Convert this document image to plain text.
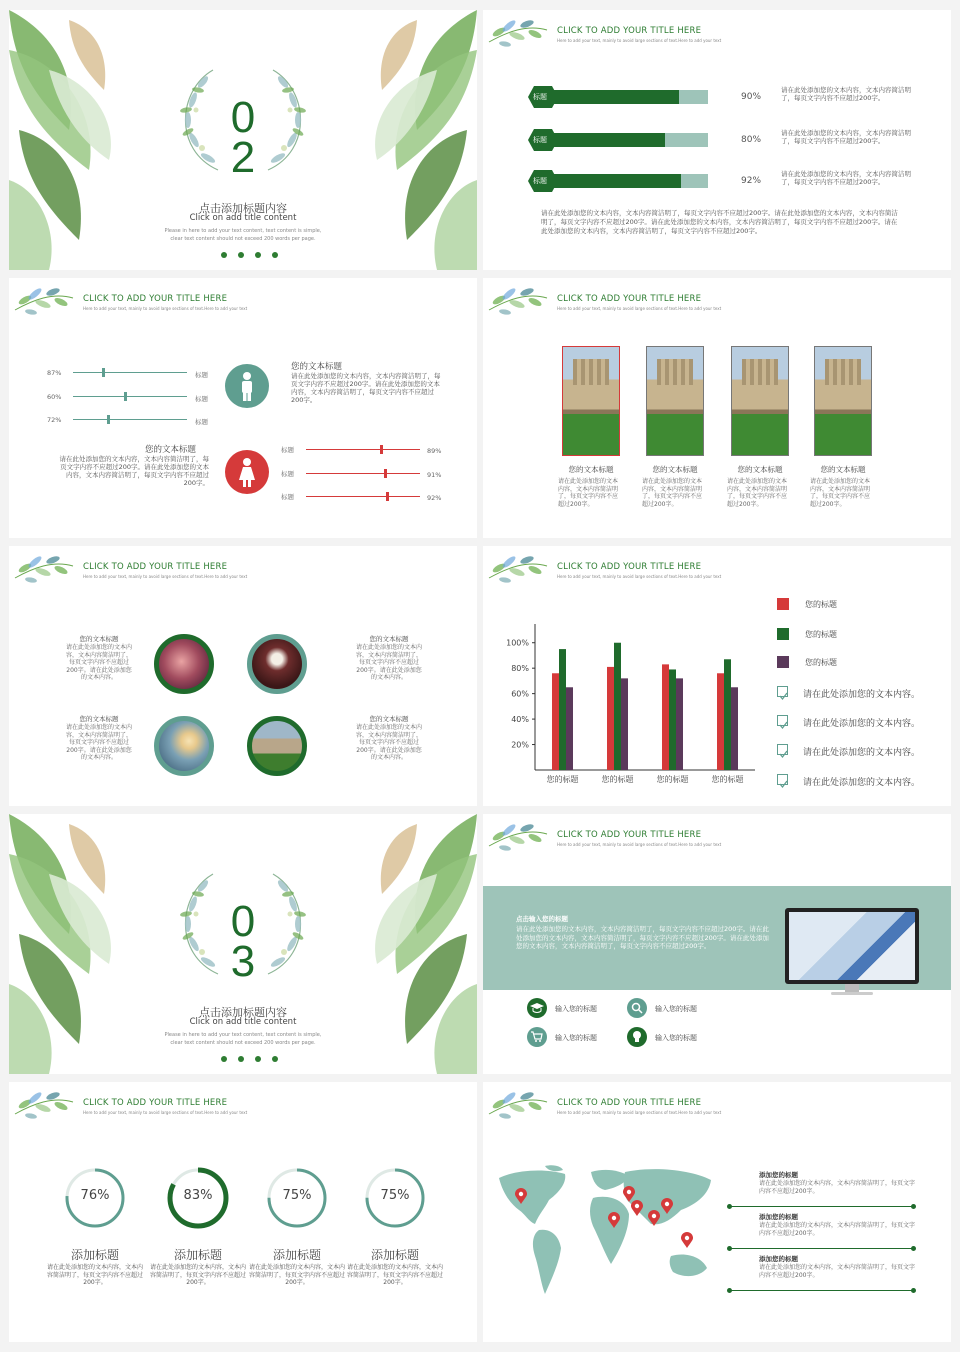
0
2
点击添加标题内容
Click on add title content
Please in here to add your text content, text content is simple,
clear text content should not exceed 200 words per page.
CLICK TO ADD YOUR TITLE HERE
Here to add your text, mainly to avoid large sections of text.Here to add your text
标题	90%
请在此处添加您的文本内容，文本内容简洁明了，每页文字内容不应超过200字。
标题	80%
请在此处添加您的文本内容，文本内容简洁明了，每页文字内容不应超过200字。
标题	92%
请在此处添加您的文本内容，文本内容简洁明了，每页文字内容不应超过200字。
请在此处添加您的文本内容，文本内容简洁明了，每页文字内容不应超过200字。请在此处添加您的文本内容，文本内容简洁明了，每页文字内容不应超过200字。请在此处添加您的文本内容，文本内容简洁明了，每页文字内容不应超过200字。请在此处添加您的文本内容，文本内容简洁明了，每页文字内容不应超过200字。
CLICK TO ADD YOUR TITLE HERE
Here to add your text, mainly to avoid large sections of text.Here to add your text
87%	标题
60%	标题
72%	标题
您的文本标题
请在此处添加您的文本内容，文本内容简洁明了，每页文字内容不应超过200字。请在此处添加您的文本内容，文本内容简洁明了，每页文字内容不应超过200字。
您的文本标题
请在此处添加您的文本内容，文本内容简洁明了，每页文字内容不应超过200字。请在此处添加您的文本内容，文本内容简洁明了，每页文字内容不应超过200字。
标题	89%
标题	91%
标题	92%
CLICK TO ADD YOUR TITLE HERE
Here to add your text, mainly to avoid large sections of text.Here to add your text
您的文本标题
请在此处添加您的文本内容，文本内容简洁明了，每页文字内容不应超过200字。
您的文本标题
请在此处添加您的文本内容，文本内容简洁明了，每页文字内容不应超过200字。
您的文本标题
请在此处添加您的文本内容，文本内容简洁明了，每页文字内容不应超过200字。
您的文本标题
请在此处添加您的文本内容，文本内容简洁明了，每页文字内容不应超过200字。
CLICK TO ADD YOUR TITLE HERE
Here to add your text, mainly to avoid large sections of text.Here to add your text
您的文本标题
请在此处添加您的文本内容，文本内容简洁明了，每页文字内容不应超过200字。请在此处添加您的文本内容。
您的文本标题
请在此处添加您的文本内容，文本内容简洁明了，每页文字内容不应超过200字。请在此处添加您的文本内容。
您的文本标题
请在此处添加您的文本内容，文本内容简洁明了，每页文字内容不应超过200字。请在此处添加您的文本内容。
您的文本标题
请在此处添加您的文本内容，文本内容简洁明了，每页文字内容不应超过200字。请在此处添加您的文本内容。
CLICK TO ADD YOUR TITLE HERE
Here to add your text, mainly to avoid large sections of text.Here to add your text
20%
40%
60%
80%
100%
您的标题	您的标题	您的标题	您的标题
您的标题
您的标题
您的标题
请在此处添加您的文本内容。
请在此处添加您的文本内容。
请在此处添加您的文本内容。
请在此处添加您的文本内容。
0
3
点击添加标题内容
Click on add title content
Please in here to add your text content, text content is simple,
clear text content should not exceed 200 words per page.
CLICK TO ADD YOUR TITLE HERE
Here to add your text, mainly to avoid large sections of text.Here to add your text
点击输入您的标题
请在此处添加您的文本内容，文本内容简洁明了，每页文字内容不应超过200字。请在此处添加您的文本内容，文本内容简洁明了，每页文字内容不应超过200字。请在此处添加您的文本内容，文本内容简洁明了，每页文字内容不应超过200字。
输入您的标题	输入您的标题
输入您的标题	输入您的标题
CLICK TO ADD YOUR TITLE HERE
Here to add your text, mainly to avoid large sections of text.Here to add your text
76%
添加标题
请在此处添加您的文本内容，文本内容简洁明了，每页文字内容不应超过200字。
83%
添加标题
请在此处添加您的文本内容，文本内容简洁明了，每页文字内容不应超过200字。
75%
添加标题
请在此处添加您的文本内容，文本内容简洁明了，每页文字内容不应超过200字。
75%
添加标题
请在此处添加您的文本内容，文本内容简洁明了，每页文字内容不应超过200字。
CLICK TO ADD YOUR TITLE HERE
Here to add your text, mainly to avoid large sections of text.Here to add your text
添加您的标题
请在此处添加您的文本内容，文本内容简洁明了，每页文字内容不应超过200字。
添加您的标题
请在此处添加您的文本内容，文本内容简洁明了，每页文字内容不应超过200字。
添加您的标题
请在此处添加您的文本内容，文本内容简洁明了，每页文字内容不应超过200字。
